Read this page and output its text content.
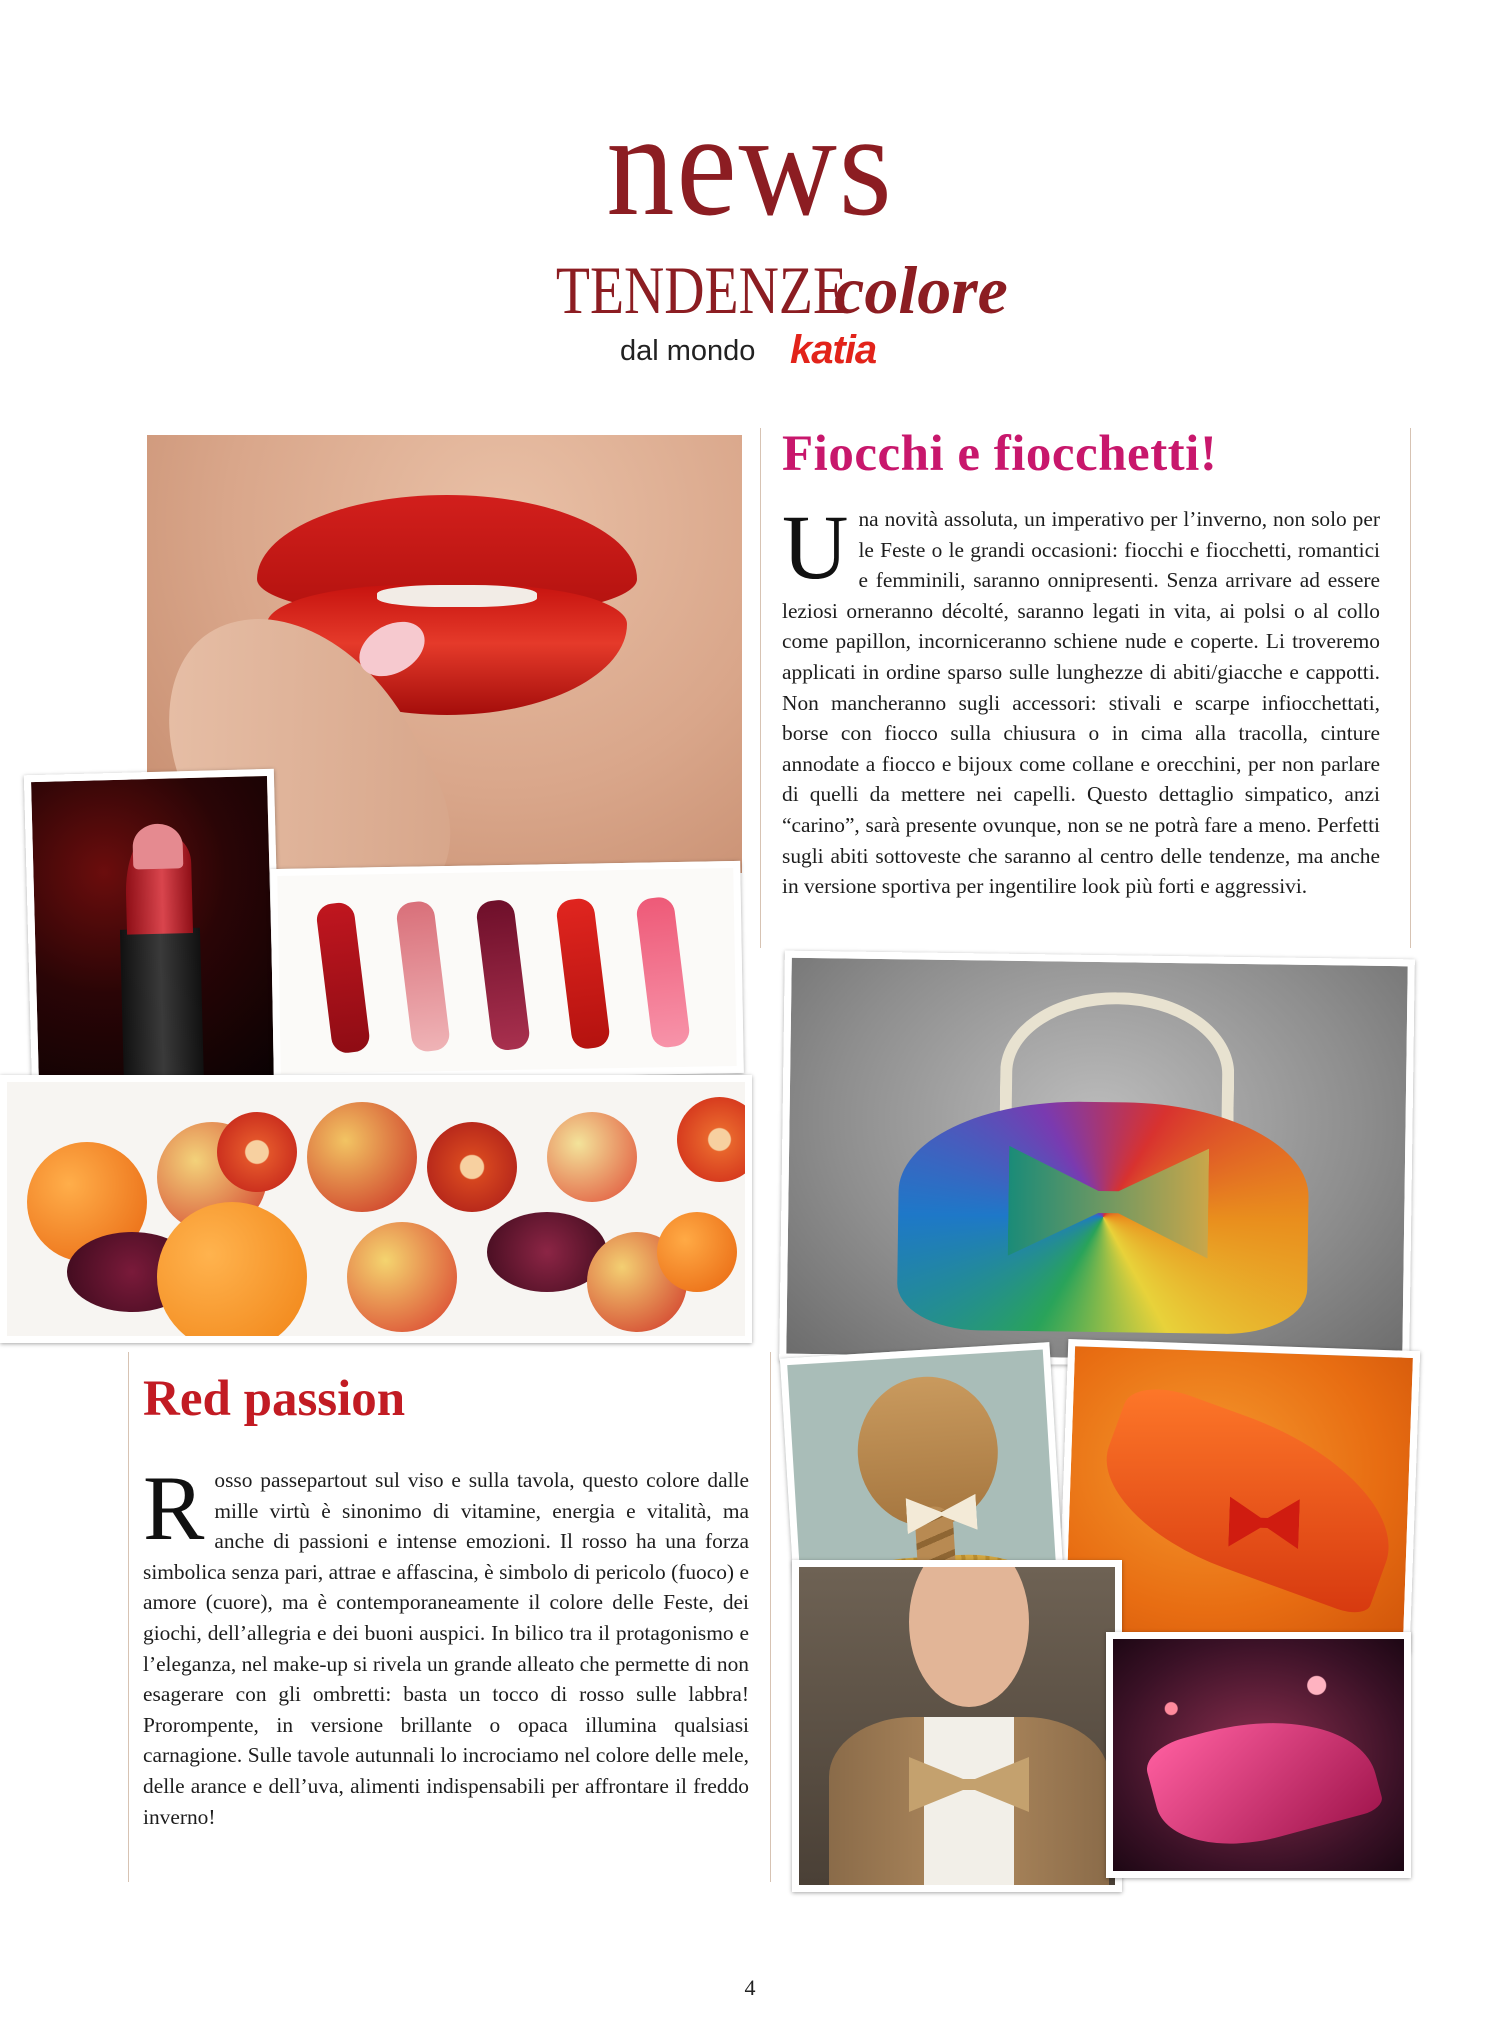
news
TENDENZE colore
dal mondo katia
Fiocchi e fiocchetti!

Una novità assoluta, un imperativo per l’inverno, non solo per le Feste o le grandi occasioni: fiocchi e fiocchetti, romantici e femminili, saranno onnipresenti. Senza arrivare ad essere leziosi orneranno décolté, saranno legati in vita, ai polsi o al collo come papillon, incorniceranno schiene nude e coperte. Li troveremo applicati in ordine sparso sulle lunghezze di abiti/giacche e cappotti. Non mancheranno sugli accessori: stivali e scarpe infiocchettati, borse con fiocco sulla chiusura o in cima alla tracolla, cinture annodate a fiocco e bijoux come collane e orecchini, per non parlare di quelli da mettere nei capelli. Questo dettaglio simpatico, anzi “carino”, sarà presente ovunque, non se ne potrà fare a meno. Perfetti sugli abiti sottoveste che saranno al centro delle tendenze, ma anche in versione sportiva per ingentilire look più forti e aggressivi.

Red passion

Rosso passepartout sul viso e sulla tavola, questo colore dalle mille virtù è sinonimo di vitamine, energia e vitalità, ma anche di passioni e intense emozioni. Il rosso ha una forza simbolica senza pari, attrae e affascina, è simbolo di pericolo (fuoco) e amore (cuore), ma è contemporaneamente il colore delle Feste, dei giochi, dell’allegria e dei buoni auspici. In bilico tra il protagonismo e l’eleganza, nel make-up si rivela un grande alleato che permette di non esagerare con gli ombretti: basta un tocco di rosso sulle labbra! Prorompente, in versione brillante o opaca illumina qualsiasi carnagione. Sulle tavole autunnali lo incrociamo nel colore delle mele, delle arance e dell’uva, alimenti indispensabili per affrontare il freddo inverno!

4
